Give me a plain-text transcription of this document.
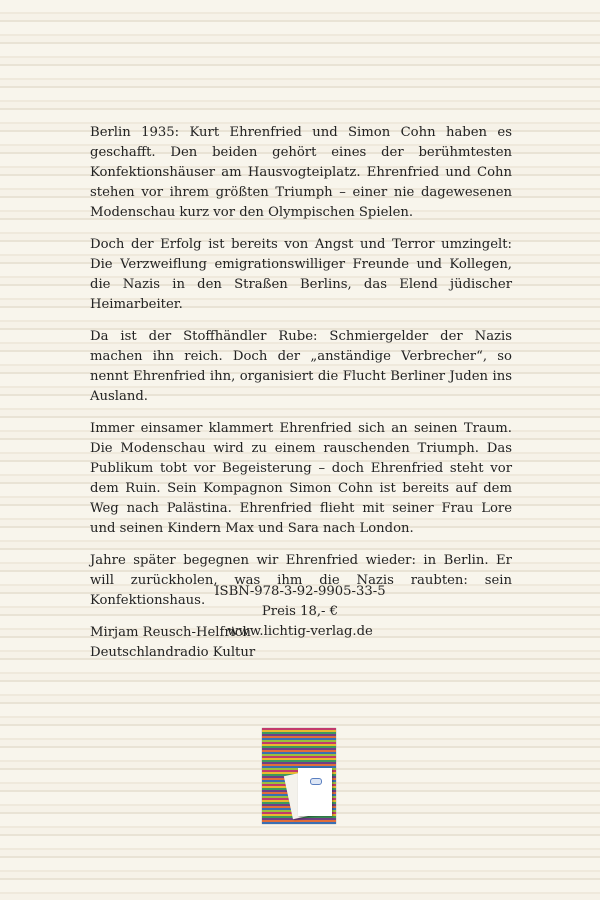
Berlin 1935: Kurt Ehrenfried und Simon Cohn haben es geschafft. Den beiden gehört eines der berühmtesten Konfektionshäuser am Hausvogteiplatz. Ehrenfried und Cohn stehen vor ihrem größten Triumph – einer nie dagewesenen Modenschau kurz vor den Olympischen Spielen.

Doch der Erfolg ist bereits von Angst und Terror umzingelt: Die Verzweiflung emigrationswilliger Freunde und Kollegen, die Nazis in den Straßen Berlins, das Elend jüdischer Heimarbeiter.

Da ist der Stoffhändler Rube: Schmiergelder der Nazis machen ihn reich. Doch der „anständige Verbrecher“, so nennt Ehrenfried ihn, organisiert die Flucht Berliner Juden ins Ausland.

Immer einsamer klammert Ehrenfried sich an seinen Traum. Die Modenschau wird zu einem rauschenden Triumph. Das Publikum tobt vor Begeisterung – doch Ehrenfried steht vor dem Ruin. Sein Kompagnon Simon Cohn ist bereits auf dem Weg nach Palästina. Ehrenfried flieht mit seiner Frau Lore und seinen Kindern Max und Sara nach London.

Jahre später begegnen wir Ehrenfried wieder: in Berlin. Er will zurückholen, was ihm die Nazis raubten: sein Konfektionshaus.

Mirjam Reusch-Helfrich
Deutschlandradio Kultur
ISBN-978-3-92-9905-33-5
Preis 18,- €
www.lichtig-verlag.de
